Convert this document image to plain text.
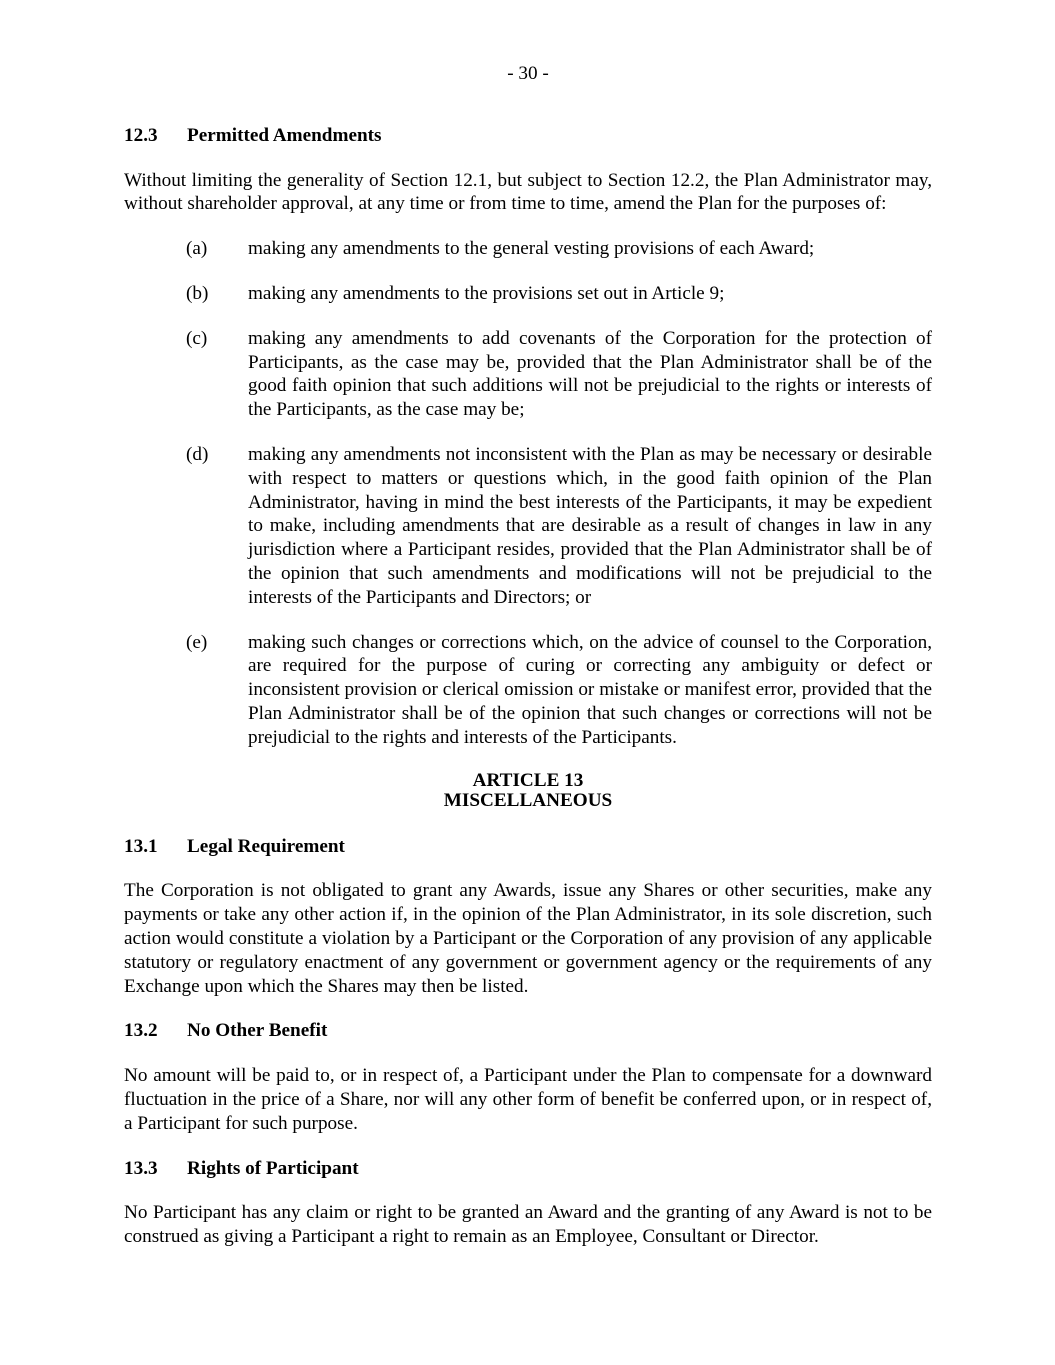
- 30 -
12.3	Permitted Amendments

Without limiting the generality of Section 12.1, but subject to Section 12.2, the Plan Administrator may, without shareholder approval, at any time or from time to time, amend the Plan for the purposes of:

(a)	making any amendments to the general vesting provisions of each Award;
(b)	making any amendments to the provisions set out in Article 9;
(c)	making any amendments to add covenants of the Corporation for the protection of Participants, as the case may be, provided that the Plan Administrator shall be of the good faith opinion that such additions will not be prejudicial to the rights or interests of the Participants, as the case may be;
(d)	making any amendments not inconsistent with the Plan as may be necessary or desirable with respect to matters or questions which, in the good faith opinion of the Plan Administrator, having in mind the best interests of the Participants, it may be expedient to make, including amendments that are desirable as a result of changes in law in any jurisdiction where a Participant resides, provided that the Plan Administrator shall be of the opinion that such amendments and modifications will not be prejudicial to the interests of the Participants and Directors; or
(e)	making such changes or corrections which, on the advice of counsel to the Corporation, are required for the purpose of curing or correcting any ambiguity or defect or inconsistent provision or clerical omission or mistake or manifest error, provided that the Plan Administrator shall be of the opinion that such changes or corrections will not be prejudicial to the rights and interests of the Participants.
ARTICLE 13
MISCELLANEOUS
13.1	Legal Requirement

The Corporation is not obligated to grant any Awards, issue any Shares or other securities, make any payments or take any other action if, in the opinion of the Plan Administrator, in its sole discretion, such action would constitute a violation by a Participant or the Corporation of any provision of any applicable statutory or regulatory enactment of any government or government agency or the requirements of any Exchange upon which the Shares may then be listed.

13.2	No Other Benefit

No amount will be paid to, or in respect of, a Participant under the Plan to compensate for a downward fluctuation in the price of a Share, nor will any other form of benefit be conferred upon, or in respect of, a Participant for such purpose.

13.3	Rights of Participant

No Participant has any claim or right to be granted an Award and the granting of any Award is not to be construed as giving a Participant a right to remain as an Employee, Consultant or Director.
